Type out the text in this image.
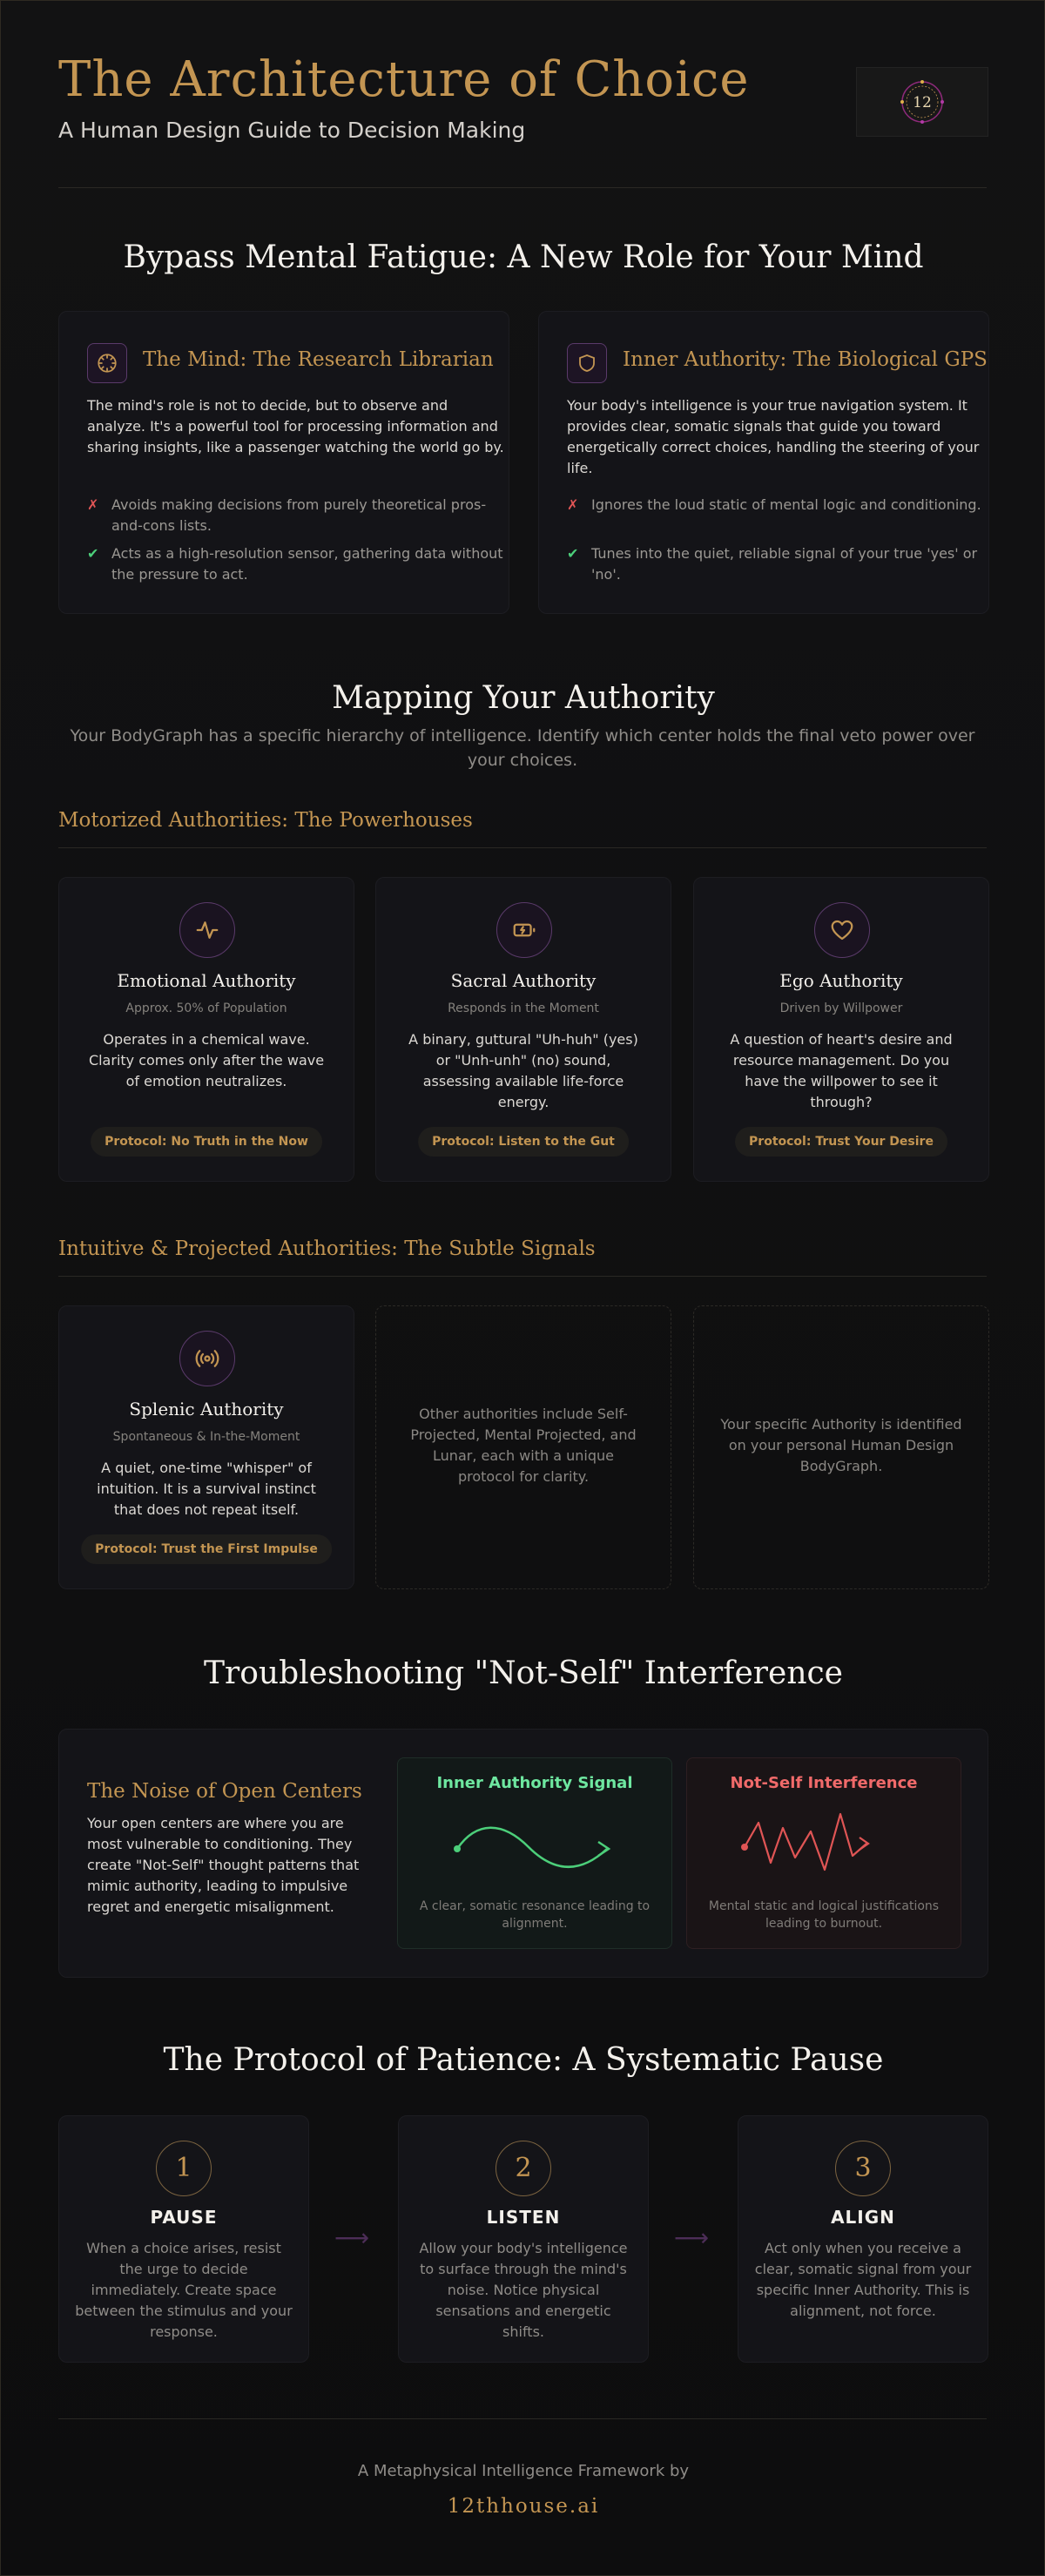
The Architecture of Choice
A Human Design Guide to Decision Making
12
Bypass Mental Fatigue: A New Role for Your Mind
The Mind: The Research Librarian
The mind's role is not to decide, but to observe and analyze. It's a powerful tool for processing information and sharing insights, like a passenger watching the world go by.
✗ Avoids making decisions from purely theoretical pros-and-cons lists.
✔ Acts as a high-resolution sensor, gathering data without the pressure to act.
Inner Authority: The Biological GPS
Your body's intelligence is your true navigation system. It provides clear, somatic signals that guide you toward energetically correct choices, handling the steering of your life.
✗ Ignores the loud static of mental logic and conditioning.
✔ Tunes into the quiet, reliable signal of your true 'yes' or 'no'.
Mapping Your Authority
Your BodyGraph has a specific hierarchy of intelligence. Identify which center holds the final veto power over your choices.
Motorized Authorities: The Powerhouses
Emotional Authority
Approx. 50% of Population
Operates in a chemical wave. Clarity comes only after the wave of emotion neutralizes.
Protocol: No Truth in the Now
Sacral Authority
Responds in the Moment
A binary, guttural "Uh-huh" (yes) or "Unh-unh" (no) sound, assessing available life-force energy.
Protocol: Listen to the Gut
Ego Authority
Driven by Willpower
A question of heart's desire and resource management. Do you have the willpower to see it through?
Protocol: Trust Your Desire
Intuitive & Projected Authorities: The Subtle Signals
Splenic Authority
Spontaneous & In-the-Moment
A quiet, one-time "whisper" of intuition. It is a survival instinct that does not repeat itself.
Protocol: Trust the First Impulse
Other authorities include Self-Projected, Mental Projected, and Lunar, each with a unique protocol for clarity.
Your specific Authority is identified on your personal Human Design BodyGraph.
Troubleshooting "Not-Self" Interference
The Noise of Open Centers
Your open centers are where you are most vulnerable to conditioning. They create "Not-Self" thought patterns that mimic authority, leading to impulsive regret and energetic misalignment.
Inner Authority Signal
A clear, somatic resonance leading to alignment.
Not-Self Interference
Mental static and logical justifications leading to burnout.
The Protocol of Patience: A Systematic Pause
1
PAUSE
When a choice arises, resist the urge to decide immediately. Create space between the stimulus and your response.
⟶
2
LISTEN
Allow your body's intelligence to surface through the mind's noise. Notice physical sensations and energetic shifts.
⟶
3
ALIGN
Act only when you receive a clear, somatic signal from your specific Inner Authority. This is alignment, not force.
A Metaphysical Intelligence Framework by
12thhouse.ai
